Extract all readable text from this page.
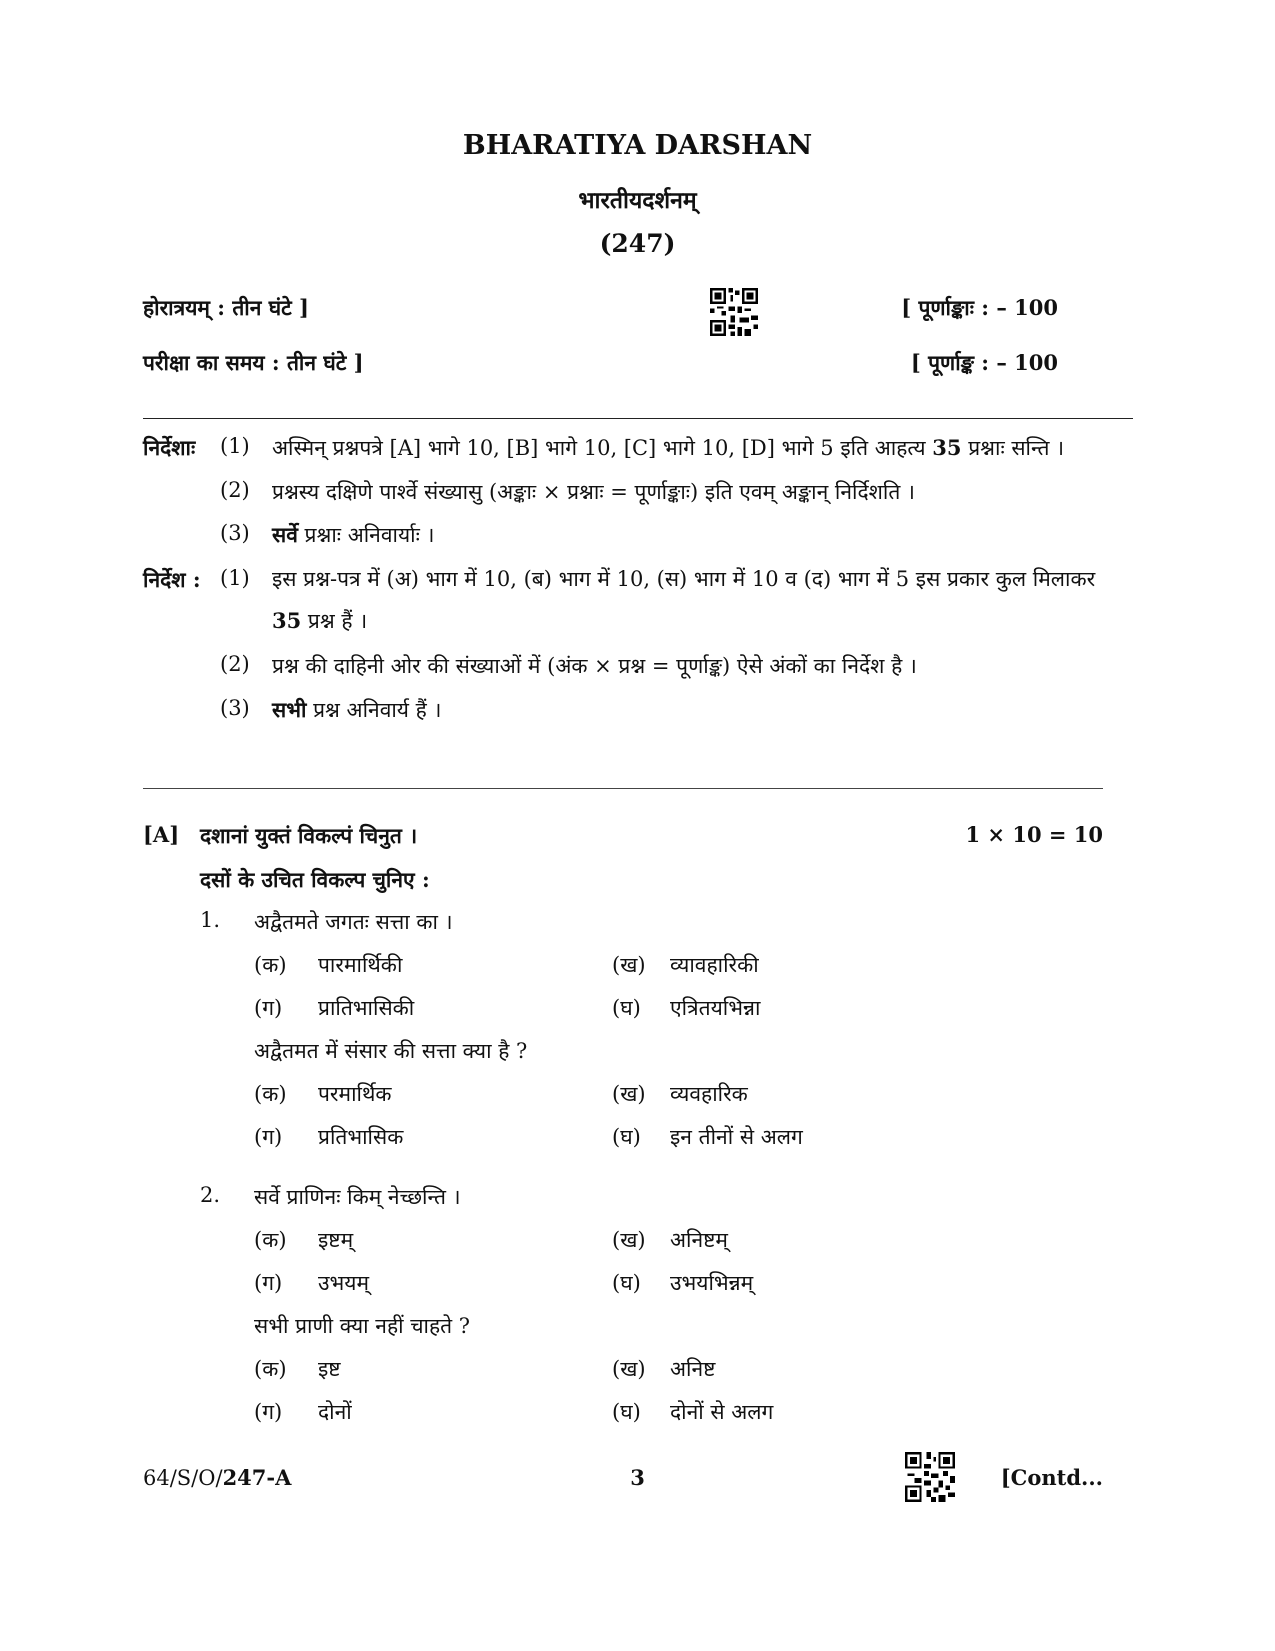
BHARATIYA DARSHAN
भारतीयदर्शनम्
(247)
होरात्रयम् : तीन घंटे ]	[ पूर्णाङ्काः : – 100
परीक्षा का समय : तीन घंटे ]	[ पूर्णाङ्क : – 100
निर्देशाः (1) अस्मिन् प्रश्नपत्रे [A] भागे 10, [B] भागे 10, [C] भागे 10, [D] भागे 5 इति आहत्य 35 प्रश्नाः सन्ति ।
(2) प्रश्नस्य दक्षिणे पार्श्वे संख्यासु (अङ्काः × प्रश्नाः = पूर्णाङ्काः) इति एवम् अङ्कान् निर्दिशति ।
(3) सर्वे प्रश्नाः अनिवार्याः ।
निर्देश : (1) इस प्रश्न-पत्र में (अ) भाग में 10, (ब) भाग में 10, (स) भाग में 10 व (द) भाग में 5 इस प्रकार कुल मिलाकर 35 प्रश्न हैं ।
(2) प्रश्न की दाहिनी ओर की संख्याओं में (अंक × प्रश्न = पूर्णाङ्क) ऐसे अंकों का निर्देश है ।
(3) सभी प्रश्न अनिवार्य हैं ।
[A] दशानां युक्तं विकल्पं चिनुत ।	1 × 10 = 10
दसों के उचित विकल्प चुनिए :
1. अद्वैतमते जगतः सत्ता का ।
(क) पारमार्थिकी	(ख) व्यावहारिकी
(ग) प्रातिभासिकी	(घ) एत्रितयभिन्ना
अद्वैतमत में संसार की सत्ता क्या है ?
(क) परमार्थिक	(ख) व्यवहारिक
(ग) प्रतिभासिक	(घ) इन तीनों से अलग
2. सर्वे प्राणिनः किम् नेच्छन्ति ।
(क) इष्टम्	(ख) अनिष्टम्
(ग) उभयम्	(घ) उभयभिन्नम्
सभी प्राणी क्या नहीं चाहते ?
(क) इष्ट	(ख) अनिष्ट
(ग) दोनों	(घ) दोनों से अलग
64/S/O/247-A	3	[Contd...
